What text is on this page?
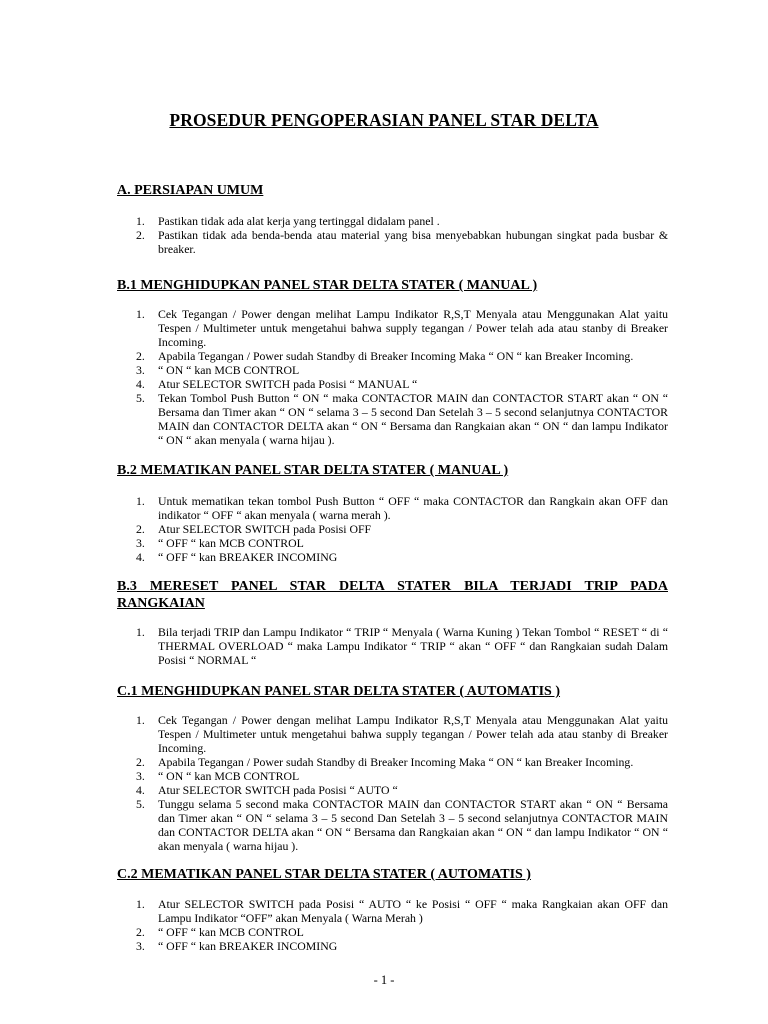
PROSEDUR PENGOPERASIAN PANEL STAR DELTA
A. PERSIAPAN UMUM
1. Pastikan tidak ada alat kerja yang tertinggal didalam panel .
2. Pastikan tidak ada benda-benda atau material yang bisa menyebabkan hubungan singkat pada busbar & breaker.
B.1 MENGHIDUPKAN PANEL STAR DELTA STATER ( MANUAL )
1. Cek Tegangan / Power dengan melihat Lampu Indikator R,S,T Menyala atau Menggunakan Alat yaitu Tespen / Multimeter untuk mengetahui bahwa supply tegangan / Power telah ada atau stanby di Breaker Incoming.
2. Apabila Tegangan / Power sudah Standby di Breaker Incoming Maka “ ON “ kan Breaker Incoming.
3. “ ON “ kan MCB CONTROL
4. Atur SELECTOR SWITCH pada Posisi “ MANUAL “
5. Tekan Tombol Push Button “ ON “ maka CONTACTOR MAIN dan CONTACTOR START akan “ ON “ Bersama dan Timer akan “ ON “ selama 3 – 5 second Dan Setelah 3 – 5 second selanjutnya CONTACTOR MAIN dan CONTACTOR DELTA akan “ ON “ Bersama dan Rangkaian akan “ ON “ dan lampu Indikator “ ON “ akan menyala ( warna hijau ).
B.2 MEMATIKAN PANEL STAR DELTA STATER ( MANUAL )
1. Untuk mematikan tekan tombol Push Button “ OFF “ maka CONTACTOR dan Rangkain akan OFF dan indikator “ OFF “ akan menyala ( warna merah ).
2. Atur SELECTOR SWITCH pada Posisi OFF
3. “ OFF “ kan MCB CONTROL
4. “ OFF “ kan BREAKER INCOMING
B.3 MERESET PANEL STAR DELTA STATER BILA TERJADI TRIP PADA RANGKAIAN
1. Bila terjadi TRIP dan Lampu Indikator “ TRIP “ Menyala ( Warna Kuning ) Tekan Tombol “ RESET “ di “ THERMAL OVERLOAD “ maka Lampu Indikator “ TRIP “ akan “ OFF “ dan Rangkaian sudah Dalam Posisi “ NORMAL “
C.1 MENGHIDUPKAN PANEL STAR DELTA STATER ( AUTOMATIS )
1. Cek Tegangan / Power dengan melihat Lampu Indikator R,S,T Menyala atau Menggunakan Alat yaitu Tespen / Multimeter untuk mengetahui bahwa supply tegangan / Power telah ada atau stanby di Breaker Incoming.
2. Apabila Tegangan / Power sudah Standby di Breaker Incoming Maka “ ON “ kan Breaker Incoming.
3. “ ON “ kan MCB CONTROL
4. Atur SELECTOR SWITCH pada Posisi “ AUTO “
5. Tunggu selama 5 second maka CONTACTOR MAIN dan CONTACTOR START akan “ ON “ Bersama dan Timer akan “ ON “ selama 3 – 5 second Dan Setelah 3 – 5 second selanjutnya CONTACTOR MAIN dan CONTACTOR DELTA akan “ ON “ Bersama dan Rangkaian akan “ ON “ dan lampu Indikator “ ON “ akan menyala ( warna hijau ).
C.2 MEMATIKAN PANEL STAR DELTA STATER ( AUTOMATIS )
1. Atur SELECTOR SWITCH pada Posisi “ AUTO “ ke Posisi “ OFF “ maka Rangkaian akan OFF dan Lampu Indikator “OFF” akan Menyala ( Warna Merah )
2. “ OFF “ kan MCB CONTROL
3. “ OFF “ kan BREAKER INCOMING
- 1 -
